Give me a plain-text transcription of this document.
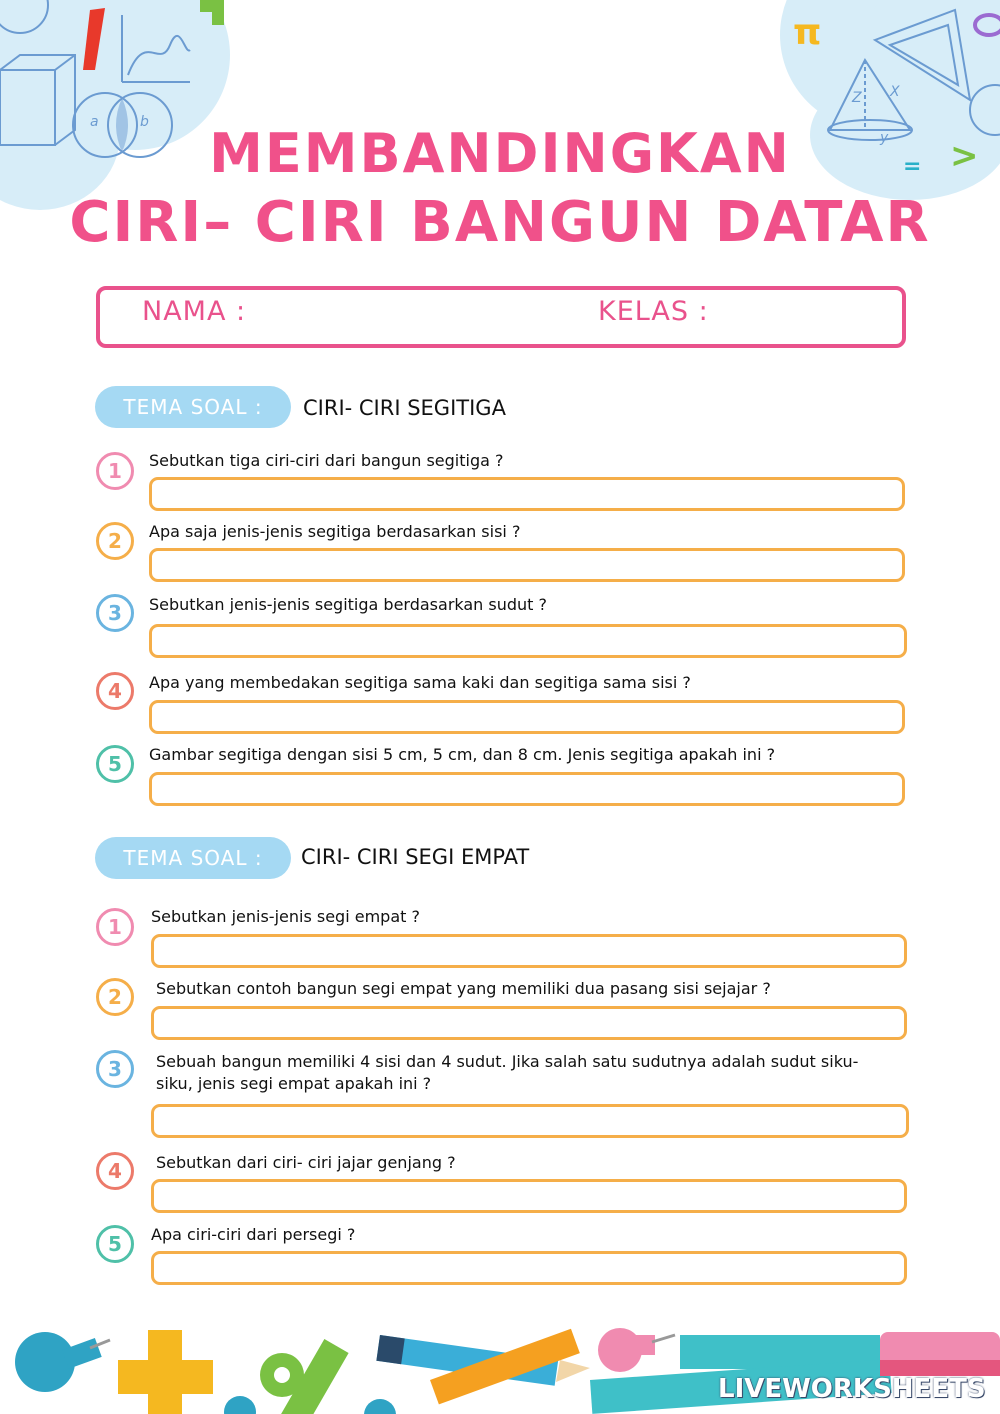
a	b
π
Z X
y >
=
MEMBANDINGKAN
CIRI– CIRI BANGUN DATAR
NAMA :	KELAS :
TEMA SOAL :	CIRI- CIRI SEGITIGA
1	Sebutkan tiga ciri-ciri dari bangun segitiga ?
2	Apa saja jenis-jenis segitiga berdasarkan sisi ?
3	Sebutkan jenis-jenis segitiga berdasarkan sudut ?
4	Apa yang membedakan segitiga sama kaki dan segitiga sama sisi ?
5	Gambar segitiga dengan sisi 5 cm, 5 cm, dan 8 cm. Jenis segitiga apakah ini ?
TEMA SOAL :	CIRI- CIRI SEGI EMPAT
1	Sebutkan jenis-jenis segi empat ?
2	Sebutkan contoh bangun segi empat yang memiliki dua pasang sisi sejajar ?
3	Sebuah bangun memiliki 4 sisi dan 4 sudut. Jika salah satu sudutnya adalah sudut siku-siku, jenis segi empat apakah ini ?
4	Sebutkan dari ciri- ciri jajar genjang ?
5	Apa ciri-ciri dari persegi ?
LIVEWORKSHEETS
